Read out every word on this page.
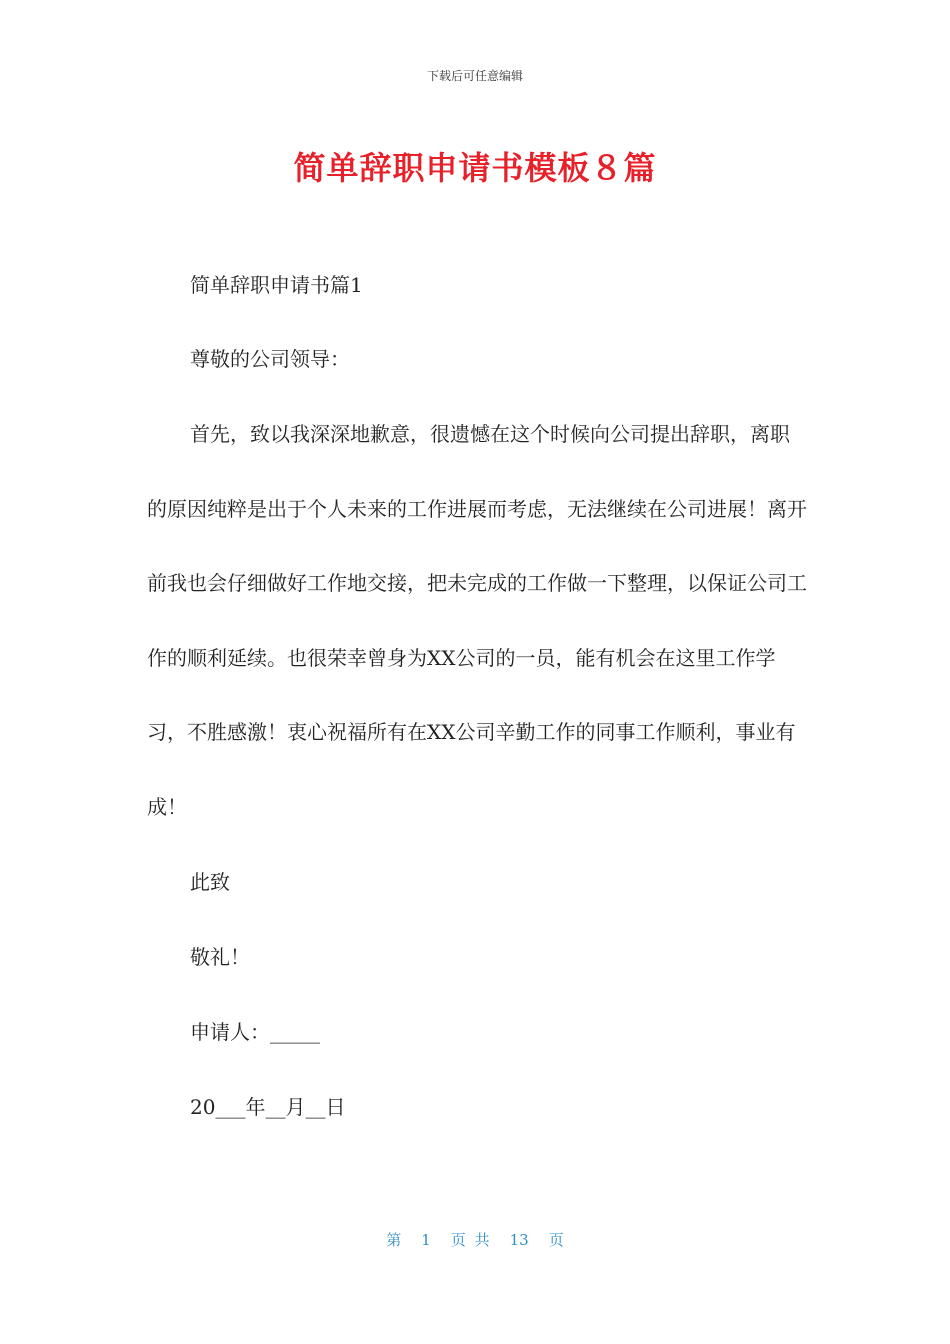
下载后可任意编辑
简单辞职申请书模板８篇

简单辞职申请书篇1

尊敬的公司领导：

首先，致以我深深地歉意，很遗憾在这个时候向公司提出辞职，离职的原因纯粹是出于个人未来的工作进展而考虑，无法继续在公司进展！离开前我也会仔细做好工作地交接，把未完成的工作做一下整理，以保证公司工作的顺利延续。也很荣幸曾身为XX公司的一员，能有机会在这里工作学习，不胜感激！衷心祝福所有在XX公司辛勤工作的同事工作顺利，事业有成！

此致

敬礼！

申请人：_____

20___年__月__日

第 1 页 共 13 页
